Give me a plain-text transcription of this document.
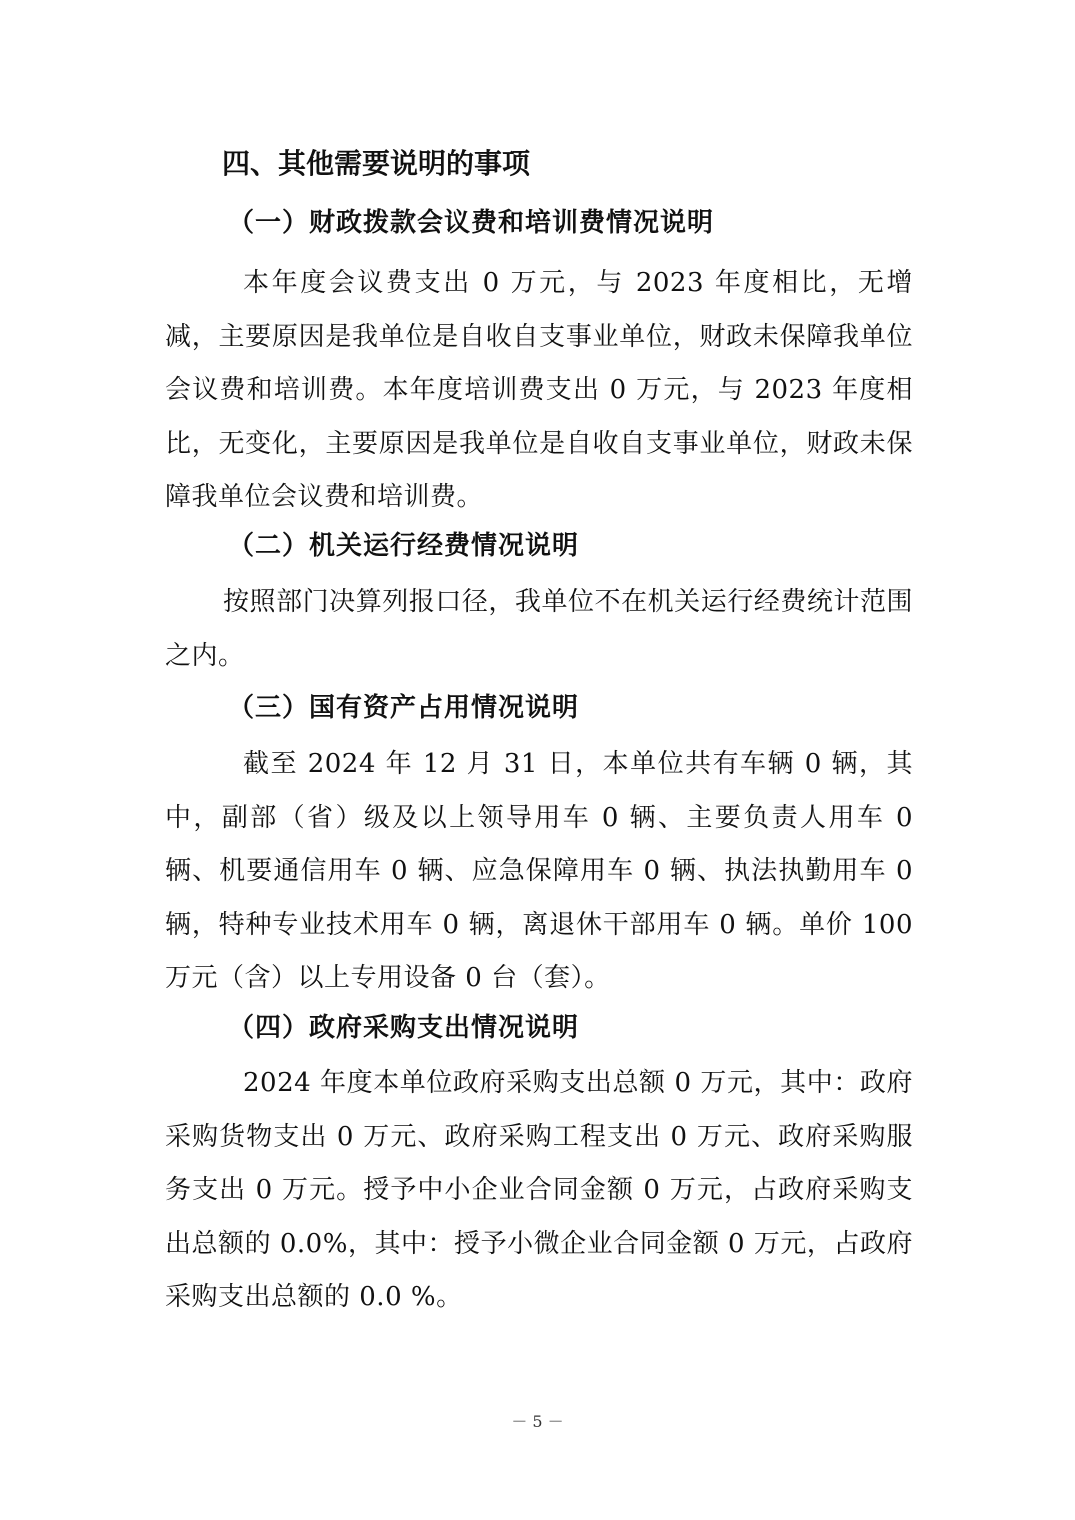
四、其他需要说明的事项
（一）财政拨款会议费和培训费情况说明
本年度会议费支出 0 万元，与 2023 年度相比，无增减，主要原因是我单位是自收自支事业单位，财政未保障我单位会议费和培训费。本年度培训费支出 0 万元，与 2023 年度相比，无变化，主要原因是我单位是自收自支事业单位，财政未保障我单位会议费和培训费。
（二）机关运行经费情况说明
按照部门决算列报口径，我单位不在机关运行经费统计范围之内。
（三）国有资产占用情况说明
截至 2024 年 12 月 31 日，本单位共有车辆 0 辆，其中，副部（省）级及以上领导用车 0 辆、主要负责人用车 0 辆、机要通信用车 0 辆、应急保障用车 0 辆、执法执勤用车 0 辆，特种专业技术用车 0 辆，离退休干部用车 0 辆。单价 100 万元（含）以上专用设备 0 台（套）。
（四）政府采购支出情况说明
2024 年度本单位政府采购支出总额 0 万元，其中：政府采购货物支出 0 万元、政府采购工程支出 0 万元、政府采购服务支出 0 万元。授予中小企业合同金额 0 万元，占政府采购支出总额的 0.0%，其中：授予小微企业合同金额 0 万元，占政府采购支出总额的 0.0 %。
－ 5 －
